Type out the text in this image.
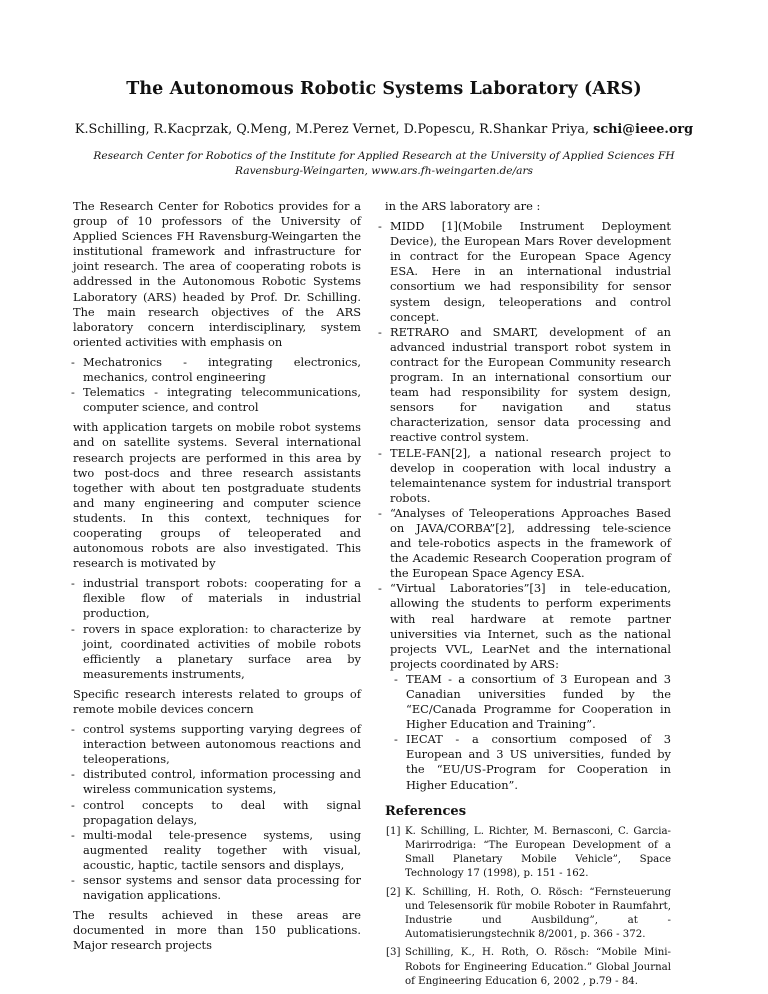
The Autonomous Robotic Systems Laboratory (ARS)
K.Schilling, R.Kacprzak, Q.Meng, M.Perez Vernet, D.Popescu, R.Shankar Priya, schi@ieee.org
Research Center for Robotics of the Institute for Applied Research at the University of Applied Sciences FH
Ravensburg-Weingarten, www.ars.fh-weingarten.de/ars

The Research Center for Robotics provides for a group of 10 professors of the University of Applied Sciences FH Ravensburg-Weingarten the institutional framework and infrastructure for joint research. The area of cooperating robots is addressed in the Autonomous Robotic Systems Laboratory (ARS) headed by Prof. Dr. Schilling. The main research objectives of the ARS laboratory concern interdisciplinary, system oriented activities with emphasis on

- Mechatronics - integrating electronics, mechanics, control engineering
- Telematics - integrating telecommunications, computer science, and control

with application targets on mobile robot systems and on satellite systems. Several international research projects are performed in this area by two post-docs and three research assistants together with about ten postgraduate students and many engineering and computer science students. In this context, techniques for cooperating groups of teleoperated and autonomous robots are also investigated. This research is motivated by

- industrial transport robots: cooperating for a flexible flow of materials in industrial production,
- rovers in space exploration: to characterize by joint, coordinated activities of mobile robots efficiently a planetary surface area by measurements instruments,

Specific research interests related to groups of remote mobile devices concern

- control systems supporting varying degrees of interaction between autonomous reactions and teleoperations,
- distributed control, information processing and wireless communication systems,
- control concepts to deal with signal propagation delays,
- multi-modal tele-presence systems, using augmented reality together with visual, acoustic, haptic, tactile sensors and displays,
- sensor systems and sensor data processing for navigation applications.

The results achieved in these areas are documented in more than 150 publications. Major research projects

in the ARS laboratory are :

- MIDD [1](Mobile Instrument Deployment Device), the European Mars Rover development in contract for the European Space Agency ESA. Here in an international industrial consortium we had responsibility for sensor system design, teleoperations and control concept.
- RETRARO and SMART, development of an advanced industrial transport robot system in contract for the European Community research program. In an international consortium our team had responsibility for system design, sensors for navigation and status characterization, sensor data processing and reactive control system.
- TELE-FAN[2], a national research project to develop in cooperation with local industry a telemaintenance system for industrial transport robots.
- “Analyses of Teleoperations Approaches Based on JAVA/CORBA”[2], addressing tele-science and tele-robotics aspects in the framework of the Academic Research Cooperation program of the European Space Agency ESA.
- “Virtual Laboratories”[3] in tele-education, allowing the students to perform experiments with real hardware at remote partner universities via Internet, such as the national projects VVL, LearNet and the international projects coordinated by ARS:
- TEAM - a consortium of 3 European and 3 Canadian universities funded by the “EC/Canada Programme for Cooperation in Higher Education and Training”.
- IECAT - a consortium composed of 3 European and 3 US universities, funded by the “EU/US-Program for Cooperation in Higher Education”.
References
[1] K. Schilling, L. Richter, M. Bernasconi, C. Garcia-Marirrodriga: “The European Development of a Small Planetary Mobile Vehicle”, Space Technology 17 (1998), p. 151 - 162.
[2] K. Schilling, H. Roth, O. Rösch: “Fernsteuerung und Telesensorik für mobile Roboter in Raumfahrt, Industrie und Ausbildung”, at - Automatisierungstechnik 8/2001, p. 366 - 372.
[3] Schilling, K., H. Roth, O. Rösch: “Mobile Mini-Robots for Engineering Education.” Global Journal of Engineering Education 6, 2002 , p.79 - 84.
